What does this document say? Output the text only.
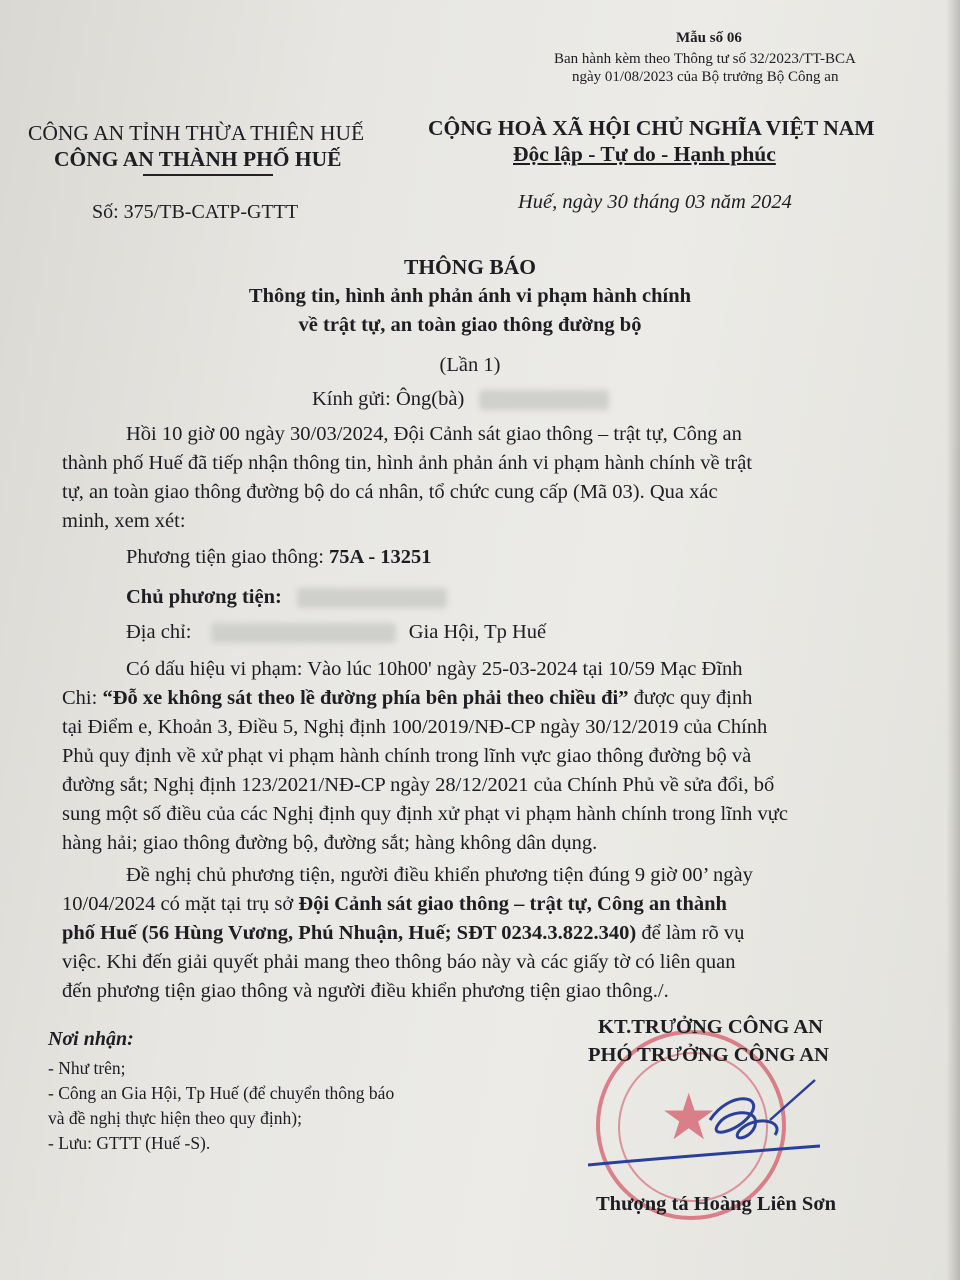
Mẫu số 06
Ban hành kèm theo Thông tư số 32/2023/TT-BCA
ngày 01/08/2023 của Bộ trưởng Bộ Công an
CÔNG AN TỈNH THỪA THIÊN HUẾ
CÔNG AN THÀNH PHỐ HUẾ
Số: 375/TB-CATP-GTTT
CỘNG HOÀ XÃ HỘI CHỦ NGHĨA VIỆT NAM
Độc lập - Tự do - Hạnh phúc
Huế, ngày 30 tháng 03 năm 2024
THÔNG BÁO
Thông tin, hình ảnh phản ánh vi phạm hành chính
về trật tự, an toàn giao thông đường bộ
(Lần 1)
Kính gửi: Ông(bà)
Hồi 10 giờ 00 ngày 30/03/2024, Đội Cảnh sát giao thông – trật tự, Công an
thành phố Huế đã tiếp nhận thông tin, hình ảnh phản ánh vi phạm hành chính về trật
tự, an toàn giao thông đường bộ do cá nhân, tổ chức cung cấp (Mã 03). Qua xác
minh, xem xét:
Phương tiện giao thông: 75A - 13251
Chủ phương tiện:
Địa chỉ:	Gia Hội, Tp Huế
Có dấu hiệu vi phạm: Vào lúc 10h00' ngày 25-03-2024 tại 10/59 Mạc Đĩnh
Chi: “Đỗ xe không sát theo lề đường phía bên phải theo chiều đi” được quy định
tại Điểm e, Khoản 3, Điều 5, Nghị định 100/2019/NĐ-CP ngày 30/12/2019 của Chính
Phủ quy định về xử phạt vi phạm hành chính trong lĩnh vực giao thông đường bộ và
đường sắt; Nghị định 123/2021/NĐ-CP ngày 28/12/2021 của Chính Phủ về sửa đổi, bổ
sung một số điều của các Nghị định quy định xử phạt vi phạm hành chính trong lĩnh vực
hàng hải; giao thông đường bộ, đường sắt; hàng không dân dụng.
Đề nghị chủ phương tiện, người điều khiển phương tiện đúng 9 giờ 00’ ngày
10/04/2024 có mặt tại trụ sở Đội Cảnh sát giao thông – trật tự, Công an thành
phố Huế (56 Hùng Vương, Phú Nhuận, Huế; SĐT 0234.3.822.340) để làm rõ vụ
việc. Khi đến giải quyết phải mang theo thông báo này và các giấy tờ có liên quan
đến phương tiện giao thông và người điều khiển phương tiện giao thông./.
Nơi nhận:
- Như trên;
- Công an Gia Hội, Tp Huế (để chuyển thông báo
và đề nghị thực hiện theo quy định);
- Lưu: GTTT (Huế -S).	★
KT.TRƯỞNG CÔNG AN
PHÓ TRƯỞNG CÔNG AN
Thượng tá Hoàng Liên Sơn
